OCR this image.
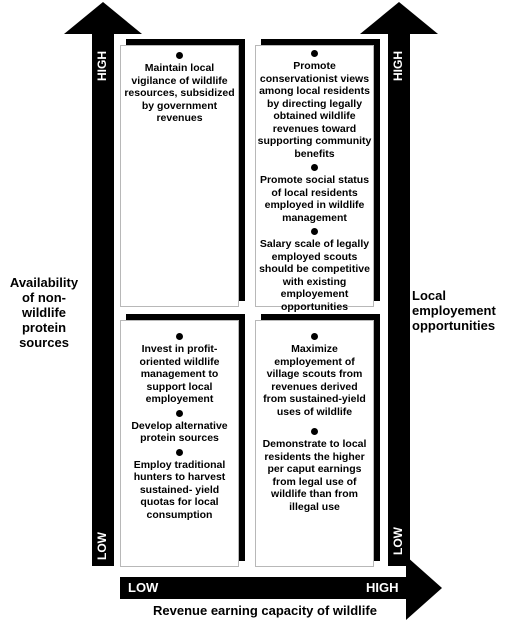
HIGH
LOW
HIGH
LOW
LOW	HIGH
Availability of non-wildlife protein sources
Local employement opportunities
Revenue earning capacity of wildlife
Maintain local vigilance of wildlife resources, subsidized by government revenues
Promote conservationist views among local residents by directing legally obtained wildlife revenues toward supporting community benefits
Promote social status of local residents employed in wildlife management
Salary scale of legally employed scouts should be competitive with existing employement opportunities
Invest in profit-oriented wildlife management to support local employement
Develop alternative protein sources
Employ traditional hunters to harvest sustained- yield quotas for local consumption
Maximize employement of village scouts from revenues derived from sustained-yield uses of wildlife
Demonstrate to local residents the higher per caput earnings from legal use of wildlife than from illegal use
